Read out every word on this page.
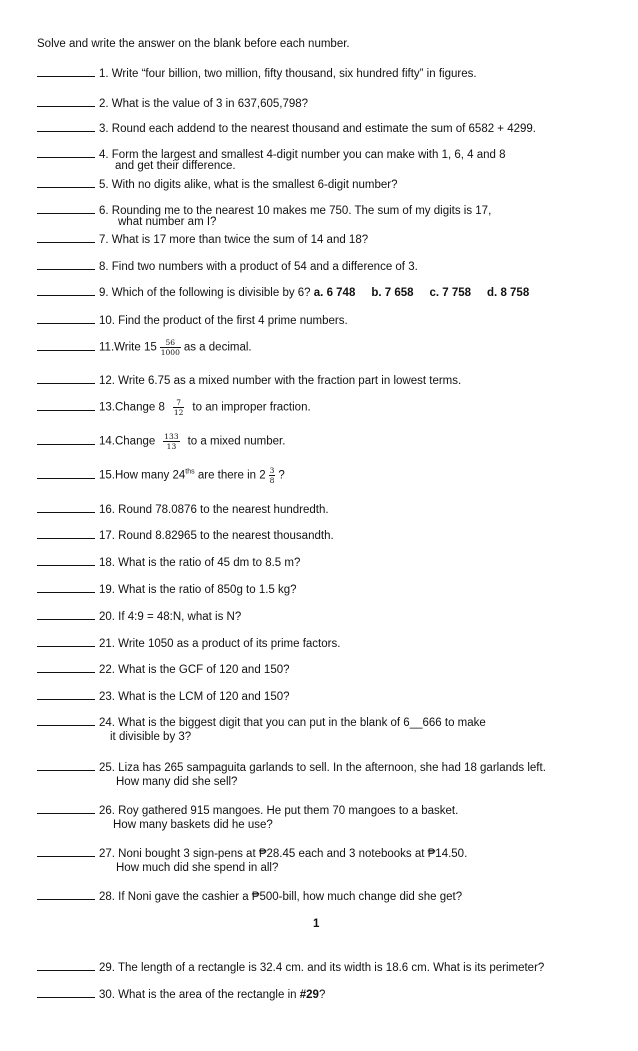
Solve and write the answer on the blank before each number.
1. Write “four billion, two million, fifty thousand, six hundred fifty” in figures.
2. What is the value of 3 in 637,605,798?
3. Round each addend to the nearest thousand and estimate the sum of 6582 + 4299.
4. Form the largest and smallest 4-digit number you can make with 1, 6, 4 and 8
and get their difference.
5. With no digits alike, what is the smallest 6-digit number?
6. Rounding me to the nearest 10 makes me 750. The sum of my digits is 17,
what number am I?
7. What is 17 more than twice the sum of 14 and 18?
8. Find two numbers with a product of 54 and a difference of 3.
9. Which of the following is divisible by 6? a. 6 748     b. 7 658     c. 7 758     d. 8 758
10. Find the product of the first 4 prime numbers.
11.Write $15 \frac{56}{1000}$ as a decimal.
12. Write 6.75 as a mixed number with the fraction part in lowest terms.
13.Change $8 \frac{7}{12}$ to an improper fraction.
14.Change $\frac{133}{13}$ to a mixed number.
15.How many $24^{ths}$ are there in $2 \frac{3}{8}$ ?
16. Round 78.0876 to the nearest hundredth.
17. Round 8.82965 to the nearest thousandth.
18. What is the ratio of 45 dm to 8.5 m?
19. What is the ratio of 850g to 1.5 kg?
20. If 4:9 = 48:N, what is N?
21. Write 1050 as a product of its prime factors.
22. What is the GCF of 120 and 150?
23. What is the LCM of 120 and 150?
24. What is the biggest digit that you can put in the blank of 6__666 to make
it divisible by 3?
25. Liza has 265 sampaguita garlands to sell. In the afternoon, she had 18 garlands left.
How many did she sell?
26. Roy gathered 915 mangoes. He put them 70 mangoes to a basket.
How many baskets did he use?
27. Noni bought 3 sign-pens at ₱28.45 each and 3 notebooks at ₱14.50.
How much did she spend in all?
28. If Noni gave the cashier a ₱500-bill, how much change did she get?
1
29. The length of a rectangle is 32.4 cm. and its width is 18.6 cm. What is its perimeter?
30. What is the area of the rectangle in #29?
